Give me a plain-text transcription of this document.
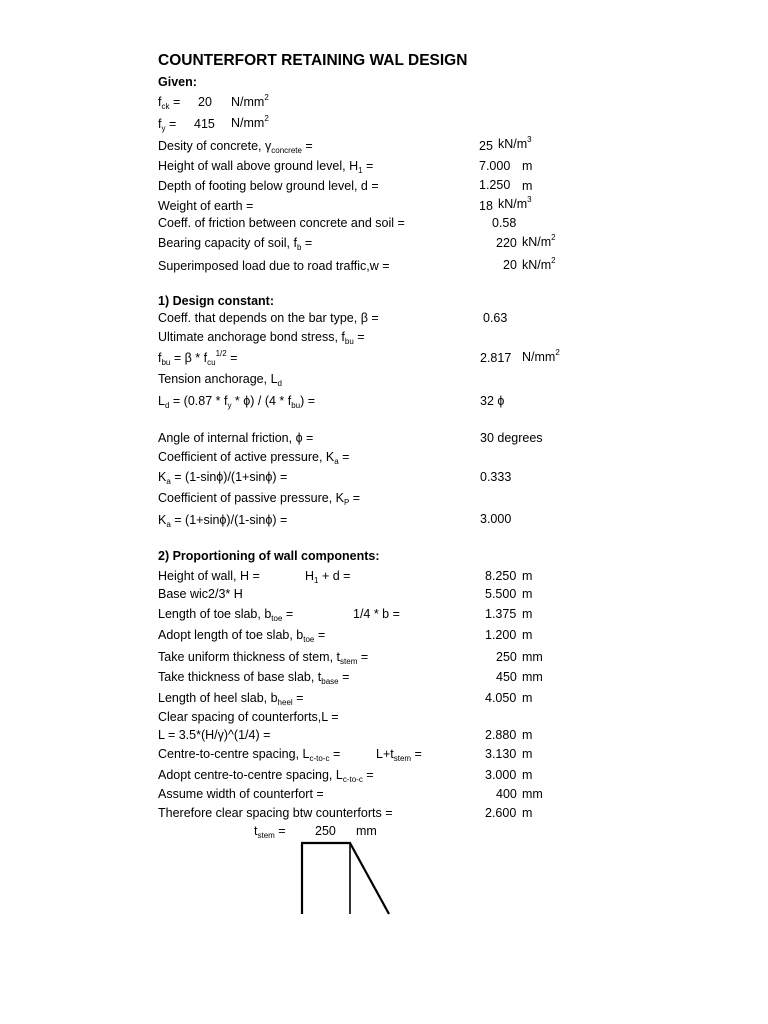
COUNTERFORT RETAINING WAL DESIGN
Given:
$f_{ck} = 20$ $N/mm^2$
$f_y = 415$ $N/mm^2$
Desity of concrete, $\gamma_{concrete}$ =	25 $kN/m^3$
Height of wall above ground level, $H_1$ =	7.000 m
Depth of footing below ground level, d =	1.250 m
Weight of earth =	18 $kN/m^3$
Coeff. of friction between concrete and soil =	0.58
Bearing capacity of soil, $f_b$ =	220 $kN/m^2$
Superimposed load due to road traffic,w =	20 $kN/m^2$
1) Design constant:
Coeff. that depends on the bar type, β =	0.63
Ultimate anchorage bond stress, $f_{bu}$ =
$f_{bu} = \beta * f_{cu}^{1/2}$ =	2.817 $N/mm^2$
Tension anchorage, $L_d$
$L_d = (0.87 * f_y * \phi) / (4 * f_{bu})$ =	32 ϕ
Angle of internal friction, ϕ =	30 degrees
Coefficient of active pressure, $K_a$ =
$K_a = (1-\sin\phi)/(1+\sin\phi)$ =	0.333
Coefficient of passive pressure, $K_P$ =
$K_a = (1+\sin\phi)/(1-\sin\phi)$ =	3.000
2) Proportioning of wall components:
Height of wall, H =	$H_1 + d$ =	8.250 m
Base wic2/3* H	5.500 m
Length of toe slab, $b_{toe}$ =	1/4 * b =	1.375 m
Adopt length of toe slab, $b_{toe}$ =	1.200 m
Take uniform thickness of stem, $t_{stem}$ =	250 mm
Take thickness of base slab, $t_{base}$ =	450 mm
Length of heel slab, $b_{heel}$ =	4.050 m
Clear spacing of counterforts,L =
L = 3.5*(H/γ)^(1/4) =	2.880 m
Centre-to-centre spacing, $L_{c-to-c}$ =	$L+t_{stem}$ =	3.130 m
Adopt centre-to-centre spacing, $L_{c-to-c}$ =	3.000 m
Assume width of counterfort =	400 mm
Therefore clear spacing btw counterforts =	2.600 m
$t_{stem} = 250$ mm
